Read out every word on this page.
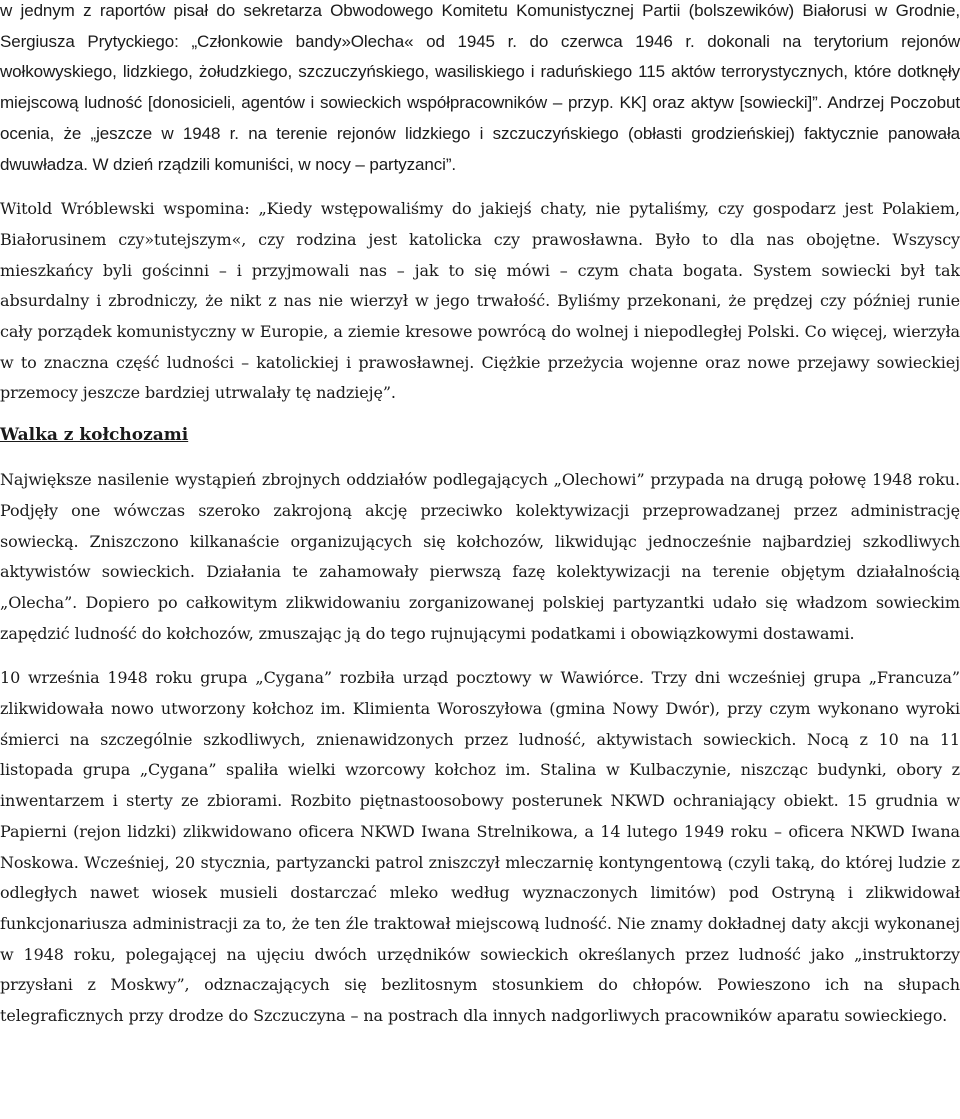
w jednym z raportów pisał do sekretarza Obwodowego Komitetu Komunistycznej Partii (bolszewików) Białorusi w Grodnie, Sergiusza Prytyckiego: „Członkowie bandy»Olecha« od 1945 r. do czerwca 1946 r. dokonali na terytorium rejonów wołkowyskiego, lidzkiego, żołudzkiego, szczuczyńskiego, wasiliskiego i raduńskiego 115 aktów terrorystycznych, które dotknęły miejscową ludność [donosicieli, agentów i sowieckich współpracowników – przyp. KK] oraz aktyw [sowiecki]”. Andrzej Poczobut ocenia, że „jeszcze w 1948 r. na terenie rejonów lidzkiego i szczuczyńskiego (obłasti grodzieńskiej) faktycznie panowała dwuwładza. W dzień rządzili komuniści, w nocy – partyzanci”.

Witold Wróblewski wspomina: „Kiedy wstępowaliśmy do jakiejś chaty, nie pytaliśmy, czy gospodarz jest Polakiem, Białorusinem czy»tutejszym«, czy rodzina jest katolicka czy prawosławna. Było to dla nas obojętne. Wszyscy mieszkańcy byli gościnni – i przyjmowali nas – jak to się mówi – czym chata bogata. System sowiecki był tak absurdalny i zbrodniczy, że nikt z nas nie wierzył w jego trwałość. Byliśmy przekonani, że prędzej czy później runie cały porządek komunistyczny w Europie, a ziemie kresowe powrócą do wolnej i niepodległej Polski. Co więcej, wierzyła w to znaczna część ludności – katolickiej i prawosławnej. Ciężkie przeżycia wojenne oraz nowe przejawy sowieckiej przemocy jeszcze bardziej utrwalały tę nadzieję”.

Walka z kołchozami

Największe nasilenie wystąpień zbrojnych oddziałów podlegających „Olechowi” przypada na drugą połowę 1948 roku. Podjęły one wówczas szeroko zakrojoną akcję przeciwko kolektywizacji przeprowadzanej przez administrację sowiecką. Zniszczono kilkanaście organizujących się kołchozów, likwidując jednocześnie najbardziej szkodliwych aktywistów sowieckich. Działania te zahamowały pierwszą fazę kolektywizacji na terenie objętym działalnością „Olecha”. Dopiero po całkowitym zlikwidowaniu zorganizowanej polskiej partyzantki udało się władzom sowieckim zapędzić ludność do kołchozów, zmuszając ją do tego rujnującymi podatkami i obowiązkowymi dostawami.

10 września 1948 roku grupa „Cygana” rozbiła urząd pocztowy w Wawiórce. Trzy dni wcześniej grupa „Francuza” zlikwidowała nowo utworzony kołchoz im. Klimienta Woroszyłowa (gmina Nowy Dwór), przy czym wykonano wyroki śmierci na szczególnie szkodliwych, znienawidzonych przez ludność, aktywistach sowieckich. Nocą z 10 na 11 listopada grupa „Cygana” spaliła wielki wzorcowy kołchoz im. Stalina w Kulbaczynie, niszcząc budynki, obory z inwentarzem i sterty ze zbiorami. Rozbito piętnastoosobowy posterunek NKWD ochraniający obiekt. 15 grudnia w Papierni (rejon lidzki) zlikwidowano oficera NKWD Iwana Strelnikowa, a 14 lutego 1949 roku – oficera NKWD Iwana Noskowa. Wcześniej, 20 stycznia, partyzancki patrol zniszczył mleczarnię kontyngentową (czyli taką, do której ludzie z odległych nawet wiosek musieli dostarczać mleko według wyznaczonych limitów) pod Ostryną i zlikwidował funkcjonariusza administracji za to, że ten źle traktował miejscową ludność. Nie znamy dokładnej daty akcji wykonanej w 1948 roku, polegającej na ujęciu dwóch urzędników sowieckich określanych przez ludność jako „instruktorzy przysłani z Moskwy”, odznaczających się bezlitosnym stosunkiem do chłopów. Powieszono ich na słupach telegraficznych przy drodze do Szczuczyna – na postrach dla innych nadgorliwych pracowników aparatu sowieckiego.
